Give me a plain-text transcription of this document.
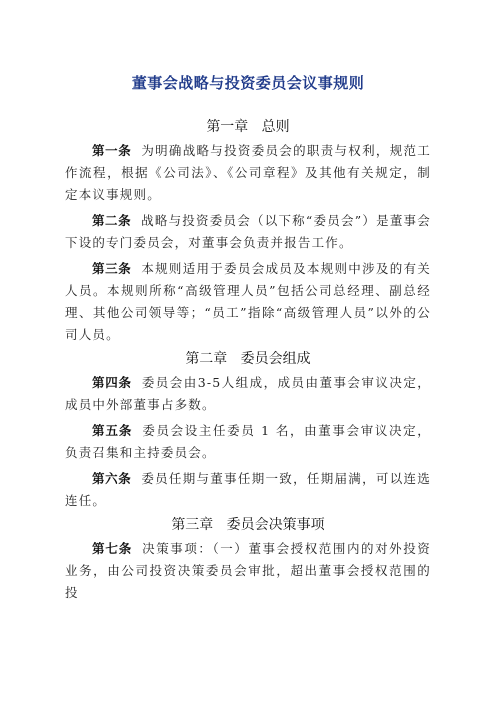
董事会战略与投资委员会议事规则
第一章   总则

第一条 为明确战略与投资委员会的职责与权利，规范工作流程，根据《公司法》、《公司章程》及其他有关规定，制定本议事规则。

第二条 战略与投资委员会（以下称“委员会”）是董事会下设的专门委员会，对董事会负责并报告工作。

第三条 本规则适用于委员会成员及本规则中涉及的有关人员。本规则所称“高级管理人员”包括公司总经理、副总经理、其他公司领导等；“员工”指除“高级管理人员”以外的公司人员。

第二章   委员会组成

第四条 委员会由3-5人组成，成员由董事会审议决定，成员中外部董事占多数。

第五条 委员会设主任委员 1 名，由董事会审议决定，负责召集和主持委员会。

第六条 委员任期与董事任期一致，任期届满，可以连选连任。

第三章   委员会决策事项

第七条 决策事项：（一）董事会授权范围内的对外投资业务，由公司投资决策委员会审批，超出董事会授权范围的投
